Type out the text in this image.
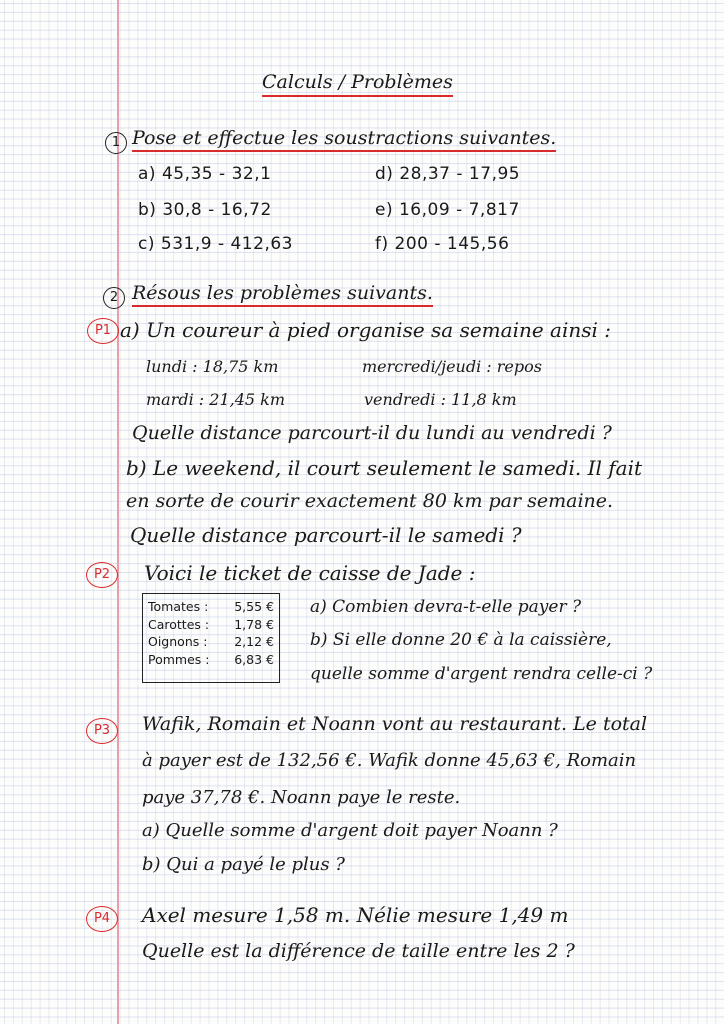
Calculs / Problèmes
1 Pose et effectue les soustractions suivantes.
a) 45,35 - 32,1
b) 30,8 - 16,72
c) 531,9 - 412,63
d) 28,37 - 17,95
e) 16,09 - 7,817
f) 200 - 145,56
2 Résous les problèmes suivants.
P1 a) Un coureur à pied organise sa semaine ainsi :
lundi : 18,75 km	mercredi/jeudi : repos
mardi : 21,45 km	vendredi : 11,8 km
Quelle distance parcourt-il du lundi au vendredi ?
b) Le weekend, il court seulement le samedi. Il fait
en sorte de courir exactement 80 km par semaine.
Quelle distance parcourt-il le samedi ?
P2	Voici le ticket de caisse de Jade :
Tomates : 5,55 €
Carottes : 1,78 €
Oignons : 2,12 €
Pommes : 6,83 €
a) Combien devra-t-elle payer ?
b) Si elle donne 20 € à la caissière,
quelle somme d'argent rendra celle-ci ?
P3	Wafik, Romain et Noann vont au restaurant. Le total
à payer est de 132,56 €. Wafik donne 45,63 €, Romain
paye 37,78 €. Noann paye le reste.
a) Quelle somme d'argent doit payer Noann ?
b) Qui a payé le plus ?
P4	Axel mesure 1,58 m. Nélie mesure 1,49 m
Quelle est la différence de taille entre les 2 ?
